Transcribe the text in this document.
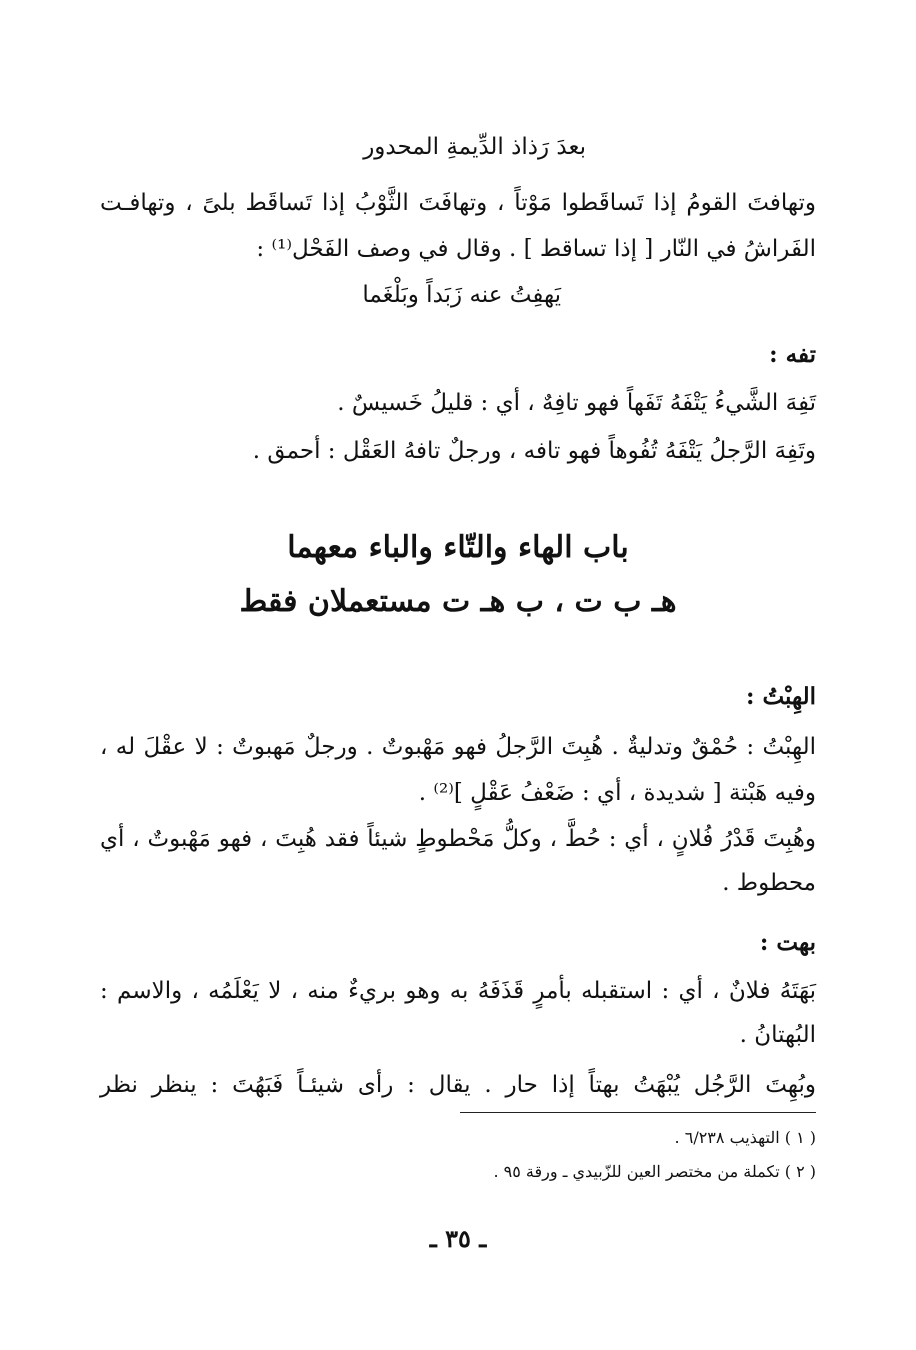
بعدَ رَذاذ الدِّيمةِ المحدور
وتهافتَ القومُ إذا تَساقَطوا مَوْتاً ، وتهافَتَ الثَّوْبُ إذا تَساقَط بلىً ، وتهافـت
الفَراشُ في النّار [ إذا تساقط ] . وقال في وصف الفَحْل⁽¹⁾ :
يَهفِتُ عنه زَبَداً وبَلْغَما
تفه :
تَفِهَ الشَّيءُ يَتْفَهُ تَفَهاً فهو تافِهٌ ، أي : قليلُ خَسيسٌ .
وتَفِهَ الرَّجلُ يَتْفَهُ تُفُوهاً فهو تافه ، ورجلٌ تافهُ العَقْل : أحمق .
باب الهاء والتّاء والباء معهما
هـ ب ت ، ب هـ ت مستعملان فقط
الهِبْتُ :
الهِبْتُ : حُمْقٌ وتدليةٌ . هُبِتَ الرَّجلُ فهو مَهْبوتٌ . ورجلٌ مَهبوتٌ : لا عقْلَ له ،
وفيه هَبْتة [ شديدة ، أي : ضَعْفُ عَقْلٍ ]⁽²⁾ .
وهُبِتَ قَدْرُ فُلانٍ ، أي : حُطَّ ، وكلُّ مَحْطوطٍ شيئاً فقد هُبِتَ ، فهو مَهْبوتٌ ، أي
محطوط .
بهت :
بَهَتَهُ فلانٌ ، أي : استقبله بأمرٍ قَذَفَهُ به وهو بريءٌ منه ، لا يَعْلَمُه ، والاسم :
البُهتانُ .
وبُهِتَ الرَّجُل يُبْهَتُ بهتاً إذا حار . يقال : رأى شيئـاً فَبَهُتَ : ينظر نظر
( ١ ) التهذيب ٦/٢٣٨ .
( ٢ ) تكملة من مختصر العين للزّبيدي ـ ورقة ٩٥ .
ـ ٣٥ ـ
